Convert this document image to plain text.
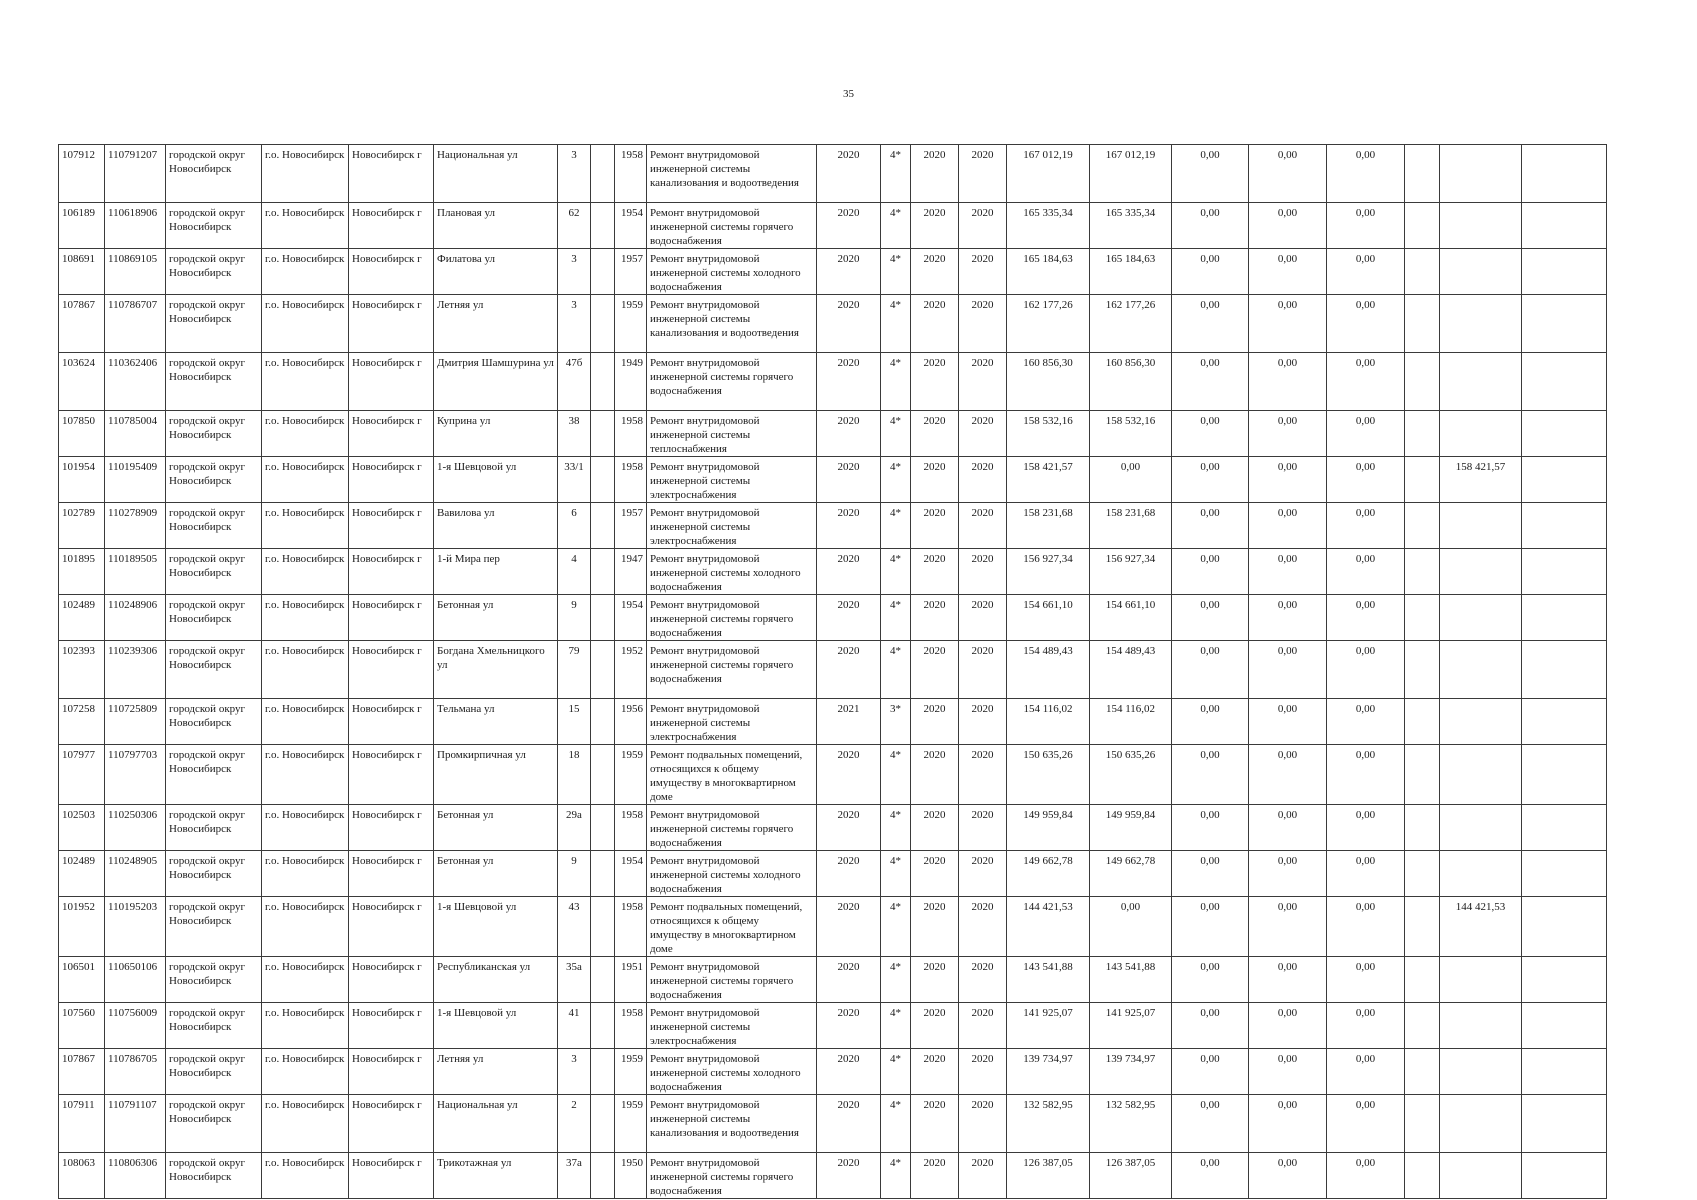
35
107912	110791207	городской округ Новосибирск	г.о. Новосибирск	Новосибирск г	Национальная ул	3		1958	Ремонт внутридомовой инженерной системы канализования и водоотведения	2020	4*	2020	2020	167 012,19	167 012,19	0,00	0,00	0,00			
106189	110618906	городской округ Новосибирск	г.о. Новосибирск	Новосибирск г	Плановая ул	62		1954	Ремонт внутридомовой инженерной системы горячего водоснабжения	2020	4*	2020	2020	165 335,34	165 335,34	0,00	0,00	0,00			
108691	110869105	городской округ Новосибирск	г.о. Новосибирск	Новосибирск г	Филатова ул	3		1957	Ремонт внутридомовой инженерной системы холодного водоснабжения	2020	4*	2020	2020	165 184,63	165 184,63	0,00	0,00	0,00			
107867	110786707	городской округ Новосибирск	г.о. Новосибирск	Новосибирск г	Летняя ул	3		1959	Ремонт внутридомовой инженерной системы канализования и водоотведения	2020	4*	2020	2020	162 177,26	162 177,26	0,00	0,00	0,00			
103624	110362406	городской округ Новосибирск	г.о. Новосибирск	Новосибирск г	Дмитрия Шамшурина ул	47б		1949	Ремонт внутридомовой инженерной системы горячего водоснабжения	2020	4*	2020	2020	160 856,30	160 856,30	0,00	0,00	0,00			
107850	110785004	городской округ Новосибирск	г.о. Новосибирск	Новосибирск г	Куприна ул	38		1958	Ремонт внутридомовой инженерной системы теплоснабжения	2020	4*	2020	2020	158 532,16	158 532,16	0,00	0,00	0,00			
101954	110195409	городской округ Новосибирск	г.о. Новосибирск	Новосибирск г	1-я Шевцовой ул	33/1		1958	Ремонт внутридомовой инженерной системы электроснабжения	2020	4*	2020	2020	158 421,57	0,00	0,00	0,00	0,00		158 421,57	
102789	110278909	городской округ Новосибирск	г.о. Новосибирск	Новосибирск г	Вавилова ул	6		1957	Ремонт внутридомовой инженерной системы электроснабжения	2020	4*	2020	2020	158 231,68	158 231,68	0,00	0,00	0,00			
101895	110189505	городской округ Новосибирск	г.о. Новосибирск	Новосибирск г	1-й Мира пер	4		1947	Ремонт внутридомовой инженерной системы холодного водоснабжения	2020	4*	2020	2020	156 927,34	156 927,34	0,00	0,00	0,00			
102489	110248906	городской округ Новосибирск	г.о. Новосибирск	Новосибирск г	Бетонная ул	9		1954	Ремонт внутридомовой инженерной системы горячего водоснабжения	2020	4*	2020	2020	154 661,10	154 661,10	0,00	0,00	0,00			
102393	110239306	городской округ Новосибирск	г.о. Новосибирск	Новосибирск г	Богдана Хмельницкого ул	79		1952	Ремонт внутридомовой инженерной системы горячего водоснабжения	2020	4*	2020	2020	154 489,43	154 489,43	0,00	0,00	0,00			
107258	110725809	городской округ Новосибирск	г.о. Новосибирск	Новосибирск г	Тельмана ул	15		1956	Ремонт внутридомовой инженерной системы электроснабжения	2021	3*	2020	2020	154 116,02	154 116,02	0,00	0,00	0,00			
107977	110797703	городской округ Новосибирск	г.о. Новосибирск	Новосибирск г	Промкирпичная ул	18		1959	Ремонт подвальных помещений, относящихся к общему имуществу в многоквартирном доме	2020	4*	2020	2020	150 635,26	150 635,26	0,00	0,00	0,00			
102503	110250306	городской округ Новосибирск	г.о. Новосибирск	Новосибирск г	Бетонная ул	29а		1958	Ремонт внутридомовой инженерной системы горячего водоснабжения	2020	4*	2020	2020	149 959,84	149 959,84	0,00	0,00	0,00			
102489	110248905	городской округ Новосибирск	г.о. Новосибирск	Новосибирск г	Бетонная ул	9		1954	Ремонт внутридомовой инженерной системы холодного водоснабжения	2020	4*	2020	2020	149 662,78	149 662,78	0,00	0,00	0,00			
101952	110195203	городской округ Новосибирск	г.о. Новосибирск	Новосибирск г	1-я Шевцовой ул	43		1958	Ремонт подвальных помещений, относящихся к общему имуществу в многоквартирном доме	2020	4*	2020	2020	144 421,53	0,00	0,00	0,00	0,00		144 421,53	
106501	110650106	городской округ Новосибирск	г.о. Новосибирск	Новосибирск г	Республиканская ул	35а		1951	Ремонт внутридомовой инженерной системы горячего водоснабжения	2020	4*	2020	2020	143 541,88	143 541,88	0,00	0,00	0,00			
107560	110756009	городской округ Новосибирск	г.о. Новосибирск	Новосибирск г	1-я Шевцовой ул	41		1958	Ремонт внутридомовой инженерной системы электроснабжения	2020	4*	2020	2020	141 925,07	141 925,07	0,00	0,00	0,00			
107867	110786705	городской округ Новосибирск	г.о. Новосибирск	Новосибирск г	Летняя ул	3		1959	Ремонт внутридомовой инженерной системы холодного водоснабжения	2020	4*	2020	2020	139 734,97	139 734,97	0,00	0,00	0,00			
107911	110791107	городской округ Новосибирск	г.о. Новосибирск	Новосибирск г	Национальная ул	2		1959	Ремонт внутридомовой инженерной системы канализования и водоотведения	2020	4*	2020	2020	132 582,95	132 582,95	0,00	0,00	0,00			
108063	110806306	городской округ Новосибирск	г.о. Новосибирск	Новосибирск г	Трикотажная ул	37а		1950	Ремонт внутридомовой инженерной системы горячего водоснабжения	2020	4*	2020	2020	126 387,05	126 387,05	0,00	0,00	0,00			
